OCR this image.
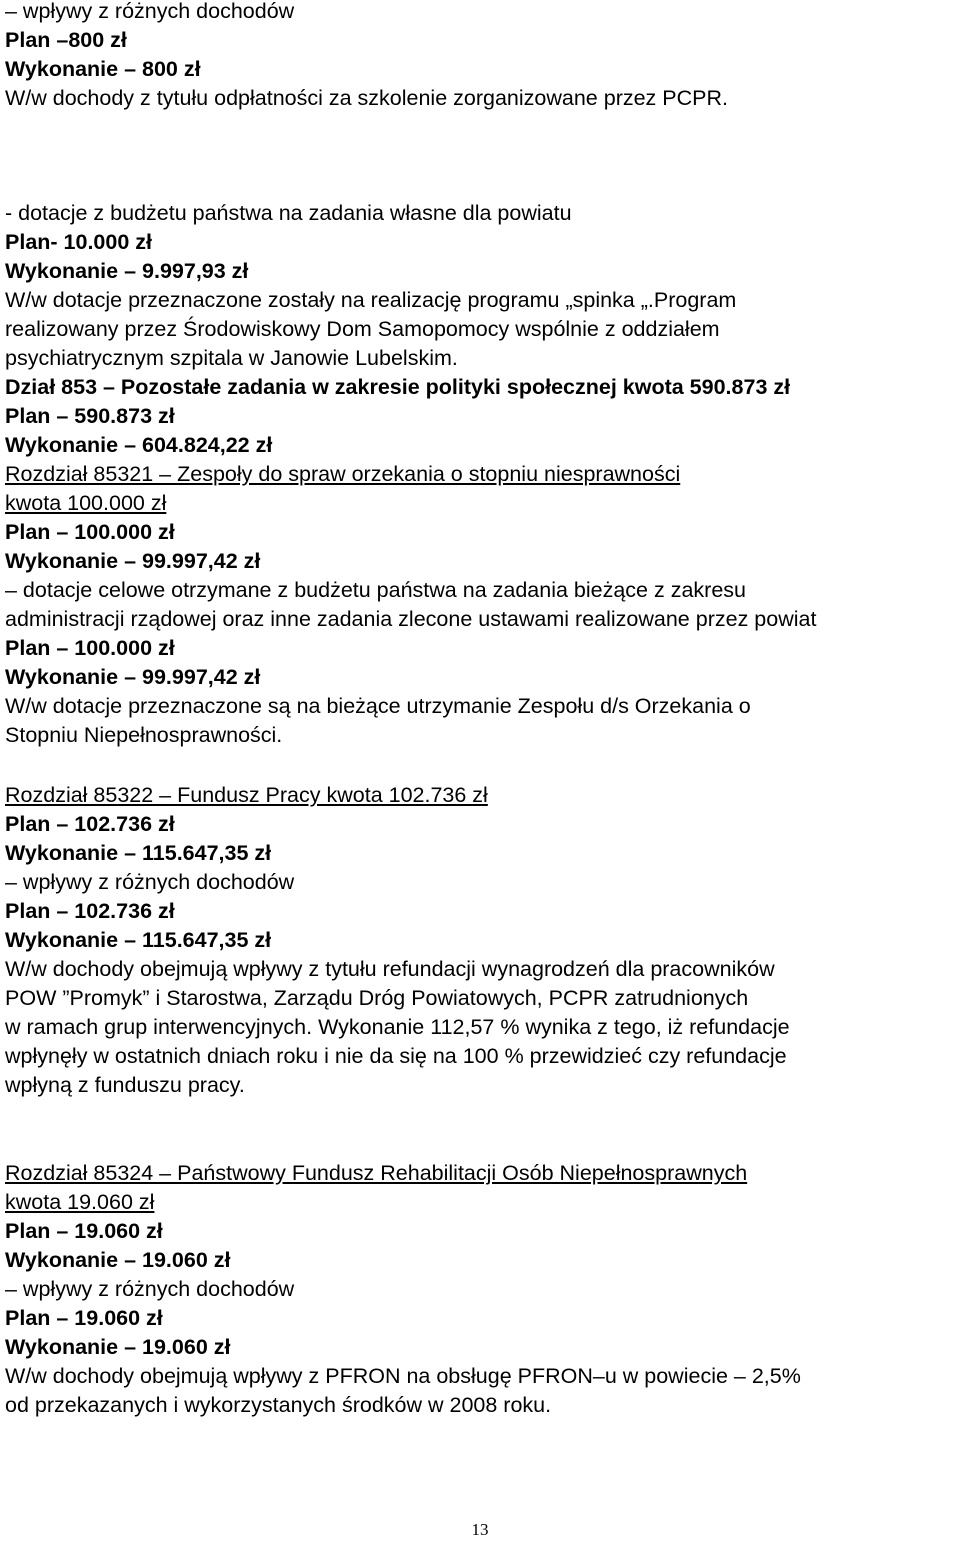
– wpływy z różnych dochodów

Plan –800 zł

Wykonanie – 800 zł

W/w dochody z tytułu odpłatności za szkolenie zorganizowane przez PCPR.

- dotacje z budżetu państwa na zadania własne dla powiatu

Plan- 10.000 zł

Wykonanie – 9.997,93 zł

W/w dotacje przeznaczone zostały na realizację programu „spinka „.Program

realizowany przez Środowiskowy Dom Samopomocy wspólnie z oddziałem

psychiatrycznym szpitala w Janowie Lubelskim.

Dział 853 – Pozostałe zadania w zakresie polityki społecznej kwota 590.873 zł

Plan – 590.873 zł

Wykonanie – 604.824,22 zł

Rozdział 85321 – Zespoły do spraw orzekania o stopniu niesprawności

kwota 100.000 zł

Plan – 100.000 zł

Wykonanie – 99.997,42 zł

– dotacje celowe otrzymane z budżetu państwa na zadania bieżące z zakresu

administracji rządowej oraz inne zadania zlecone ustawami realizowane przez powiat

Plan – 100.000 zł

Wykonanie – 99.997,42 zł

W/w dotacje przeznaczone są na bieżące utrzymanie Zespołu d/s Orzekania o

Stopniu Niepełnosprawności.

Rozdział 85322 – Fundusz Pracy kwota 102.736 zł

Plan – 102.736 zł

Wykonanie – 115.647,35 zł

– wpływy z różnych dochodów

Plan – 102.736 zł

Wykonanie – 115.647,35 zł

W/w dochody obejmują wpływy z tytułu refundacji wynagrodzeń dla pracowników

POW ”Promyk” i Starostwa, Zarządu Dróg Powiatowych, PCPR zatrudnionych

w ramach grup interwencyjnych. Wykonanie 112,57 % wynika z tego, iż refundacje

wpłynęły w ostatnich dniach roku i nie da się na 100 % przewidzieć czy refundacje

wpłyną z funduszu pracy.

Rozdział 85324 – Państwowy Fundusz Rehabilitacji Osób Niepełnosprawnych

kwota 19.060 zł

Plan – 19.060 zł

Wykonanie – 19.060 zł

– wpływy z różnych dochodów

Plan – 19.060 zł

Wykonanie – 19.060 zł

W/w dochody obejmują wpływy z PFRON na obsługę PFRON–u w powiecie – 2,5%

od przekazanych i wykorzystanych środków w 2008 roku.

13
